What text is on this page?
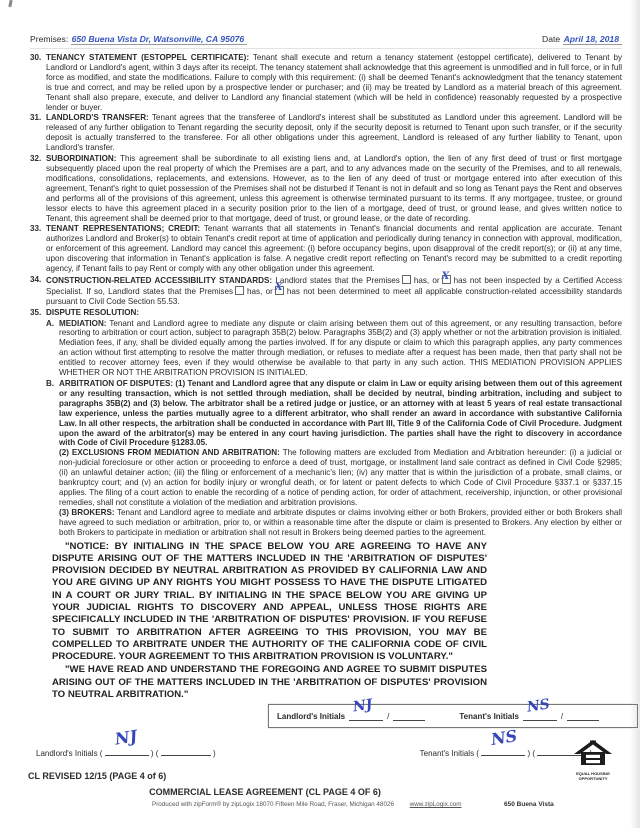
Premises: 650 Buena Vista Dr, Watsonville, CA 95076	Date April 18, 2018
30. TENANCY STATEMENT (ESTOPPEL CERTIFICATE): Tenant shall execute and return a tenancy statement (estoppel certificate), delivered to Tenant by Landlord or Landlord's agent, within 3 days after its receipt. The tenancy statement shall acknowledge that this agreement is unmodified and in full force, or in full force as modified, and state the modifications. Failure to comply with this requirement: (i) shall be deemed Tenant's acknowledgment that the tenancy statement is true and correct, and may be relied upon by a prospective lender or purchaser; and (ii) may be treated by Landlord as a material breach of this agreement. Tenant shall also prepare, execute, and deliver to Landlord any financial statement (which will be held in confidence) reasonably requested by a prospective lender or buyer.
31. LANDLORD'S TRANSFER: Tenant agrees that the transferee of Landlord's interest shall be substituted as Landlord under this agreement. Landlord will be released of any further obligation to Tenant regarding the security deposit, only if the security deposit is returned to Tenant upon such transfer, or if the security deposit is actually transferred to the transferee. For all other obligations under this agreement, Landlord is released of any further liability to Tenant, upon Landlord's transfer.
32. SUBORDINATION: This agreement shall be subordinate to all existing liens and, at Landlord's option, the lien of any first deed of trust or first mortgage subsequently placed upon the real property of which the Premises are a part, and to any advances made on the security of the Premises, and to all renewals, modifications, consolidations, replacements, and extensions. However, as to the lien of any deed of trust or mortgage entered into after execution of this agreement, Tenant's right to quiet possession of the Premises shall not be disturbed if Tenant is not in default and so long as Tenant pays the Rent and observes and performs all of the provisions of this agreement, unless this agreement is otherwise terminated pursuant to its terms. If any mortgagee, trustee, or ground lessor elects to have this agreement placed in a security position prior to the lien of a mortgage, deed of trust, or ground lease, and gives written notice to Tenant, this agreement shall be deemed prior to that mortgage, deed of trust, or ground lease, or the date of recording.
33. TENANT REPRESENTATIONS; CREDIT: Tenant warrants that all statements in Tenant's financial documents and rental application are accurate. Tenant authorizes Landlord and Broker(s) to obtain Tenant's credit report at time of application and periodically during tenancy in connection with approval, modification, or enforcement of this agreement. Landlord may cancel this agreement: (i) before occupancy begins, upon disapproval of the credit report(s); or (ii) at any time, upon discovering that information in Tenant's application is false. A negative credit report reflecting on Tenant's record may be submitted to a credit reporting agency, if Tenant fails to pay Rent or comply with any other obligation under this agreement.
34. CONSTRUCTION-RELATED ACCESSIBILITY STANDARDS: Landlord states that the Premises has, or X has not been inspected by a Certified Access Specialist. If so, Landlord states that the Premises has, or X has not been determined to meet all applicable construction-related accessibility standards pursuant to Civil Code Section 55.53.
35. DISPUTE RESOLUTION:
A. MEDIATION: Tenant and Landlord agree to mediate any dispute or claim arising between them out of this agreement, or any resulting transaction, before resorting to arbitration or court action, subject to paragraph 35B(2) below. Paragraphs 35B(2) and (3) apply whether or not the arbitration provision is initialed. Mediation fees, if any, shall be divided equally among the parties involved. If for any dispute or claim to which this paragraph applies, any party commences an action without first attempting to resolve the matter through mediation, or refuses to mediate after a request has been made, then that party shall not be entitled to recover attorney fees, even if they would otherwise be available to that party in any such action. THIS MEDIATION PROVISION APPLIES WHETHER OR NOT THE ARBITRATION PROVISION IS INITIALED.
B. ARBITRATION OF DISPUTES: (1) Tenant and Landlord agree that any dispute or claim in Law or equity arising between them out of this agreement or any resulting transaction, which is not settled through mediation, shall be decided by neutral, binding arbitration, including and subject to paragraphs 35B(2) and (3) below. The arbitrator shall be a retired judge or justice, or an attorney with at least 5 years of real estate transactional law experience, unless the parties mutually agree to a different arbitrator, who shall render an award in accordance with substantive California Law. In all other respects, the arbitration shall be conducted in accordance with Part III, Title 9 of the California Code of Civil Procedure. Judgment upon the award of the arbitrator(s) may be entered in any court having jurisdiction. The parties shall have the right to discovery in accordance with Code of Civil Procedure §1283.05.
(2) EXCLUSIONS FROM MEDIATION AND ARBITRATION: The following matters are excluded from Mediation and Arbitration hereunder: (i) a judicial or non-judicial foreclosure or other action or proceeding to enforce a deed of trust, mortgage, or installment land sale contract as defined in Civil Code §2985; (ii) an unlawful detainer action; (iii) the filing or enforcement of a mechanic's lien; (iv) any matter that is within the jurisdiction of a probate, small claims, or bankruptcy court; and (v) an action for bodily injury or wrongful death, or for latent or patent defects to which Code of Civil Procedure §337.1 or §337.15 applies. The filing of a court action to enable the recording of a notice of pending action, for order of attachment, receivership, injunction, or other provisional remedies, shall not constitute a violation of the mediation and arbitration provisions.
(3) BROKERS: Tenant and Landlord agree to mediate and arbitrate disputes or claims involving either or both Brokers, provided either or both Brokers shall have agreed to such mediation or arbitration, prior to, or within a reasonable time after the dispute or claim is presented to Brokers. Any election by either or both Brokers to participate in mediation or arbitration shall not result in Brokers being deemed parties to the agreement.

"NOTICE: BY INITIALING IN THE SPACE BELOW YOU ARE AGREEING TO HAVE ANY DISPUTE ARISING OUT OF THE MATTERS INCLUDED IN THE 'ARBITRATION OF DISPUTES' PROVISION DECIDED BY NEUTRAL ARBITRATION AS PROVIDED BY CALIFORNIA LAW AND YOU ARE GIVING UP ANY RIGHTS YOU MIGHT POSSESS TO HAVE THE DISPUTE LITIGATED IN A COURT OR JURY TRIAL. BY INITIALING IN THE SPACE BELOW YOU ARE GIVING UP YOUR JUDICIAL RIGHTS TO DISCOVERY AND APPEAL, UNLESS THOSE RIGHTS ARE SPECIFICALLY INCLUDED IN THE 'ARBITRATION OF DISPUTES' PROVISION. IF YOU REFUSE TO SUBMIT TO ARBITRATION AFTER AGREEING TO THIS PROVISION, YOU MAY BE COMPELLED TO ARBITRATE UNDER THE AUTHORITY OF THE CALIFORNIA CODE OF CIVIL PROCEDURE. YOUR AGREEMENT TO THIS ARBITRATION PROVISION IS VOLUNTARY."

"WE HAVE READ AND UNDERSTAND THE FOREGOING AND AGREE TO SUBMIT DISPUTES ARISING OUT OF THE MATTERS INCLUDED IN THE 'ARBITRATION OF DISPUTES' PROVISION TO NEUTRAL ARBITRATION."

Landlord's Initials
NJ
/	Tenant's Initials
NS
/
Landlord's Initials (
NJ
) (	)	Tenant's Initials (
NS
) (
CL REVISED 12/15 (PAGE 4 of 6)
COMMERCIAL LEASE AGREEMENT (CL PAGE 4 OF 6)
Produced with zipForm® by zipLogix 18070 Fifteen Mile Road, Fraser, Michigan 48026	www.zipLogix.com	650 Buena Vista
EQUAL HOUSING
OPPORTUNITY
